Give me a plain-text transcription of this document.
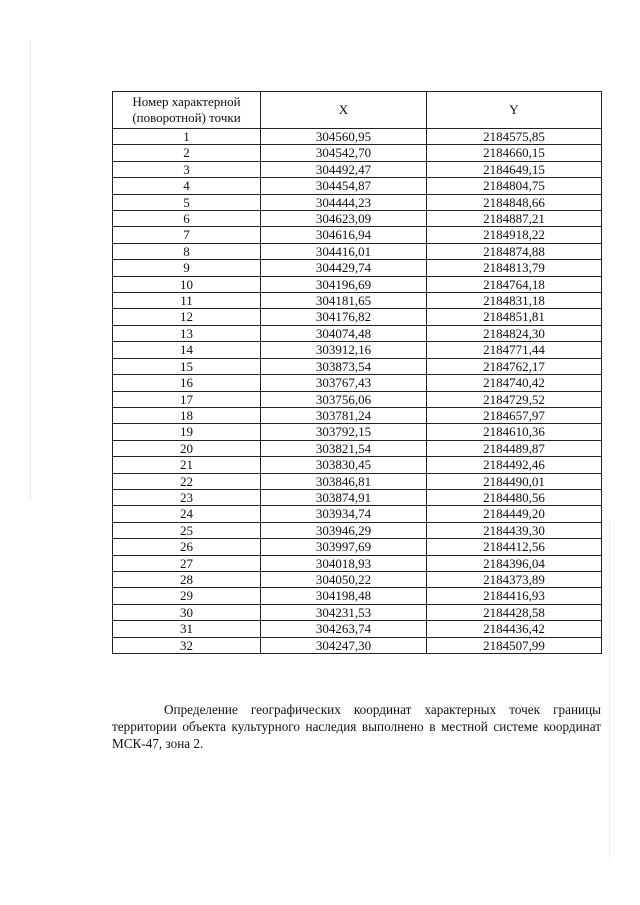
Номер характерной (поворотной) точки	X	Y
1	304560,95	2184575,85
2	304542,70	2184660,15
3	304492,47	2184649,15
4	304454,87	2184804,75
5	304444,23	2184848,66
6	304623,09	2184887,21
7	304616,94	2184918,22
8	304416,01	2184874,88
9	304429,74	2184813,79
10	304196,69	2184764,18
11	304181,65	2184831,18
12	304176,82	2184851,81
13	304074,48	2184824,30
14	303912,16	2184771,44
15	303873,54	2184762,17
16	303767,43	2184740,42
17	303756,06	2184729,52
18	303781,24	2184657,97
19	303792,15	2184610,36
20	303821,54	2184489,87
21	303830,45	2184492,46
22	303846,81	2184490,01
23	303874,91	2184480,56
24	303934,74	2184449,20
25	303946,29	2184439,30
26	303997,69	2184412,56
27	304018,93	2184396,04
28	304050,22	2184373,89
29	304198,48	2184416,93
30	304231,53	2184428,58
31	304263,74	2184436,42
32	304247,30	2184507,99

Определение географических координат характерных точек границы территории объекта культурного наследия выполнено в местной системе координат МСК-47, зона 2.
